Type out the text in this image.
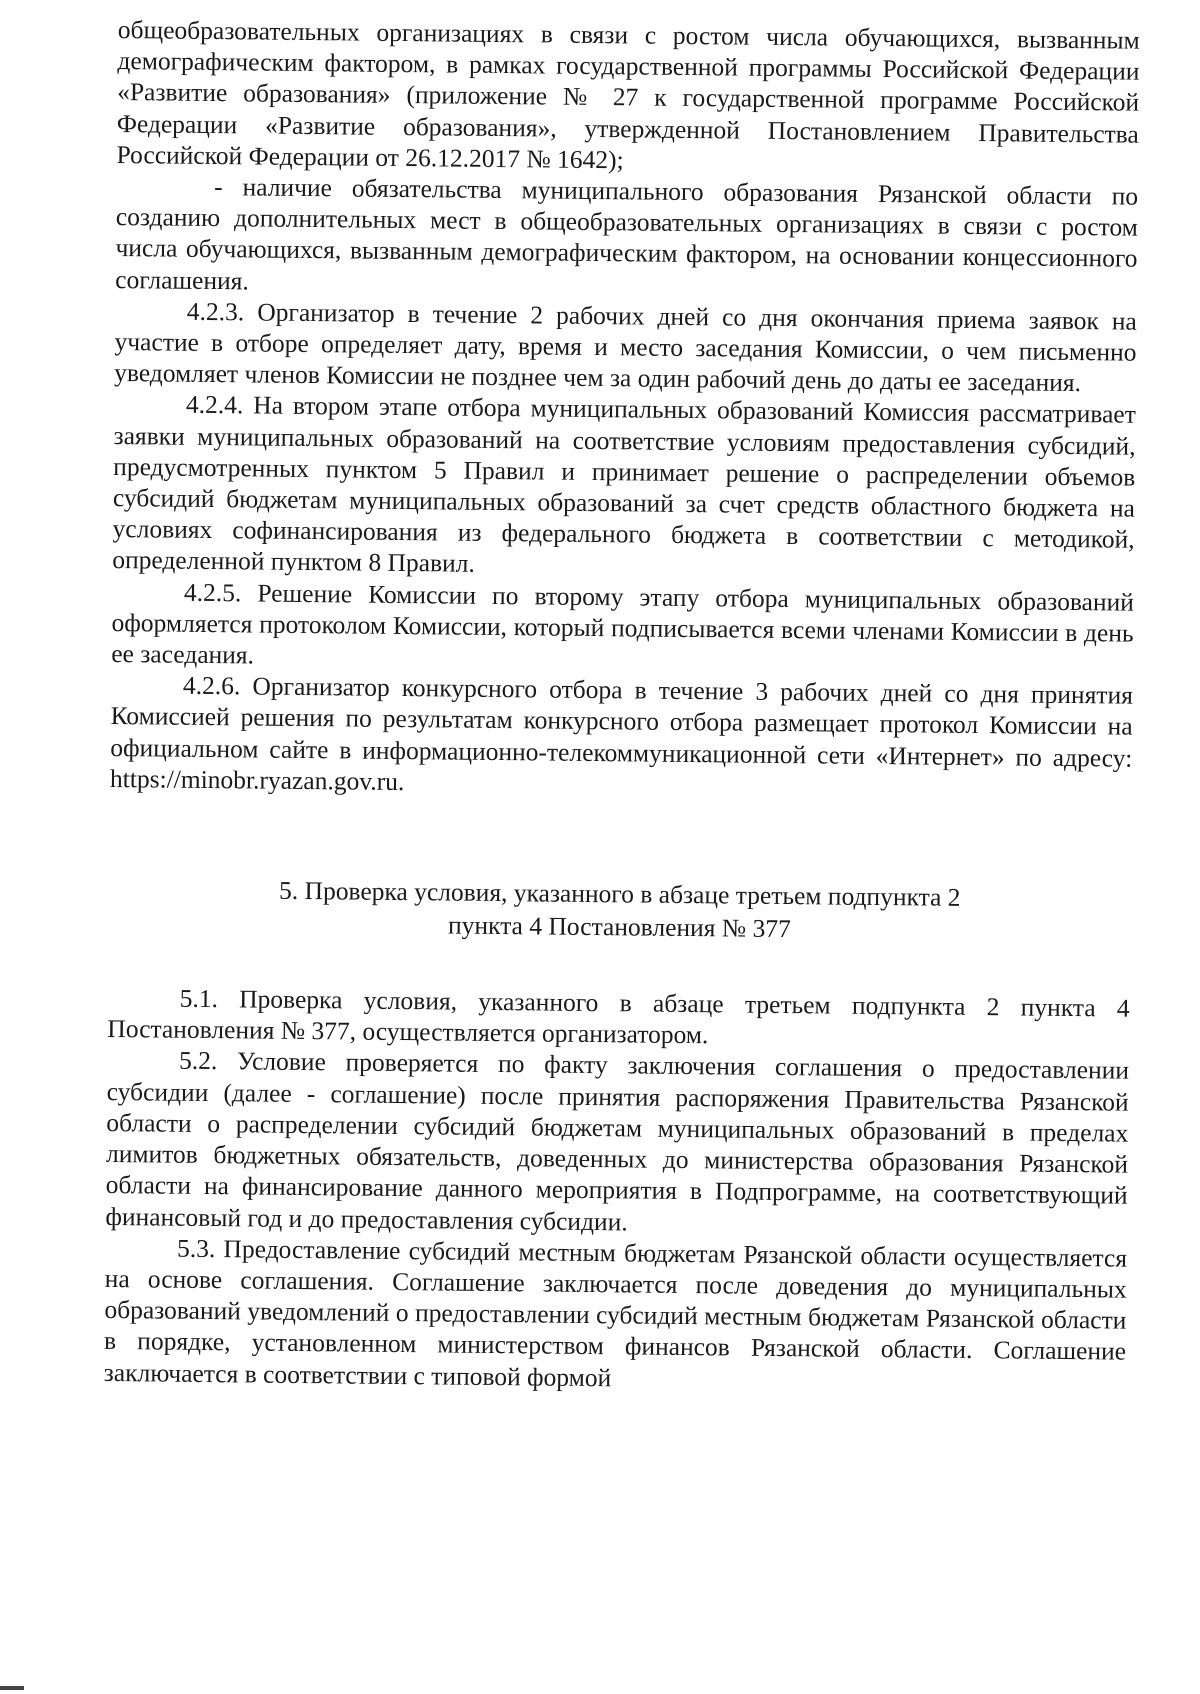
общеобразовательных организациях в связи с ростом числа обучающихся, вызванным демографическим фактором, в рамках государственной программы Российской Федерации «Развитие образования» (приложение № 27 к государственной программе Российской Федерации «Развитие образования», утвержденной Постановлением Правительства Российской Федерации от 26.12.2017 № 1642);

- наличие обязательства муниципального образования Рязанской области по созданию дополнительных мест в общеобразовательных организациях в связи с ростом числа обучающихся, вызванным демографическим фактором, на основании концессионного соглашения.

4.2.3. Организатор в течение 2 рабочих дней со дня окончания приема заявок на участие в отборе определяет дату, время и место заседания Комиссии, о чем письменно уведомляет членов Комиссии не позднее чем за один рабочий день до даты ее заседания.

4.2.4. На втором этапе отбора муниципальных образований Комиссия рассматривает заявки муниципальных образований на соответствие условиям предоставления субсидий, предусмотренных пунктом 5 Правил и принимает решение о распределении объемов субсидий бюджетам муниципальных образований за счет средств областного бюджета на условиях софинансирования из федерального бюджета в соответствии с методикой, определенной пунктом 8 Правил.

4.2.5. Решение Комиссии по второму этапу отбора муниципальных образований оформляется протоколом Комиссии, который подписывается всеми членами Комиссии в день ее заседания.

4.2.6. Организатор конкурсного отбора в течение 3 рабочих дней со дня принятия Комиссией решения по результатам конкурсного отбора размещает протокол Комиссии на официальном сайте в информационно-телекоммуникационной сети «Интернет» по адресу: https://minobr.ryazan.gov.ru.

5. Проверка условия, указанного в абзаце третьем подпункта 2
пункта 4 Постановления № 377

5.1. Проверка условия, указанного в абзаце третьем подпункта 2 пункта 4 Постановления № 377, осуществляется организатором.

5.2. Условие проверяется по факту заключения соглашения о предоставлении субсидии (далее - соглашение) после принятия распоряжения Правительства Рязанской области о распределении субсидий бюджетам муниципальных образований в пределах лимитов бюджетных обязательств, доведенных до министерства образования Рязанской области на финансирование данного мероприятия в Подпрограмме, на соответствующий финансовый год и до предоставления субсидии.

5.3. Предоставление субсидий местным бюджетам Рязанской области осуществляется на основе соглашения. Соглашение заключается после доведения до муниципальных образований уведомлений о предоставлении субсидий местным бюджетам Рязанской области в порядке, установленном министерством финансов Рязанской области. Соглашение заключается в соответствии с типовой формой
